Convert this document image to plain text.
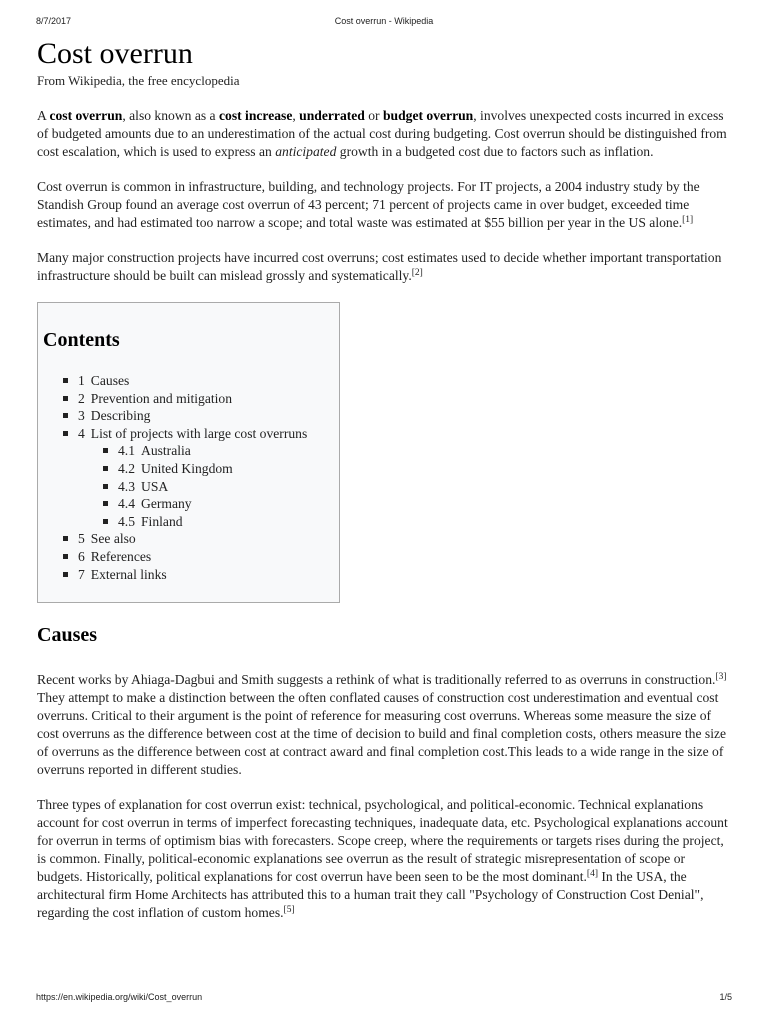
8/7/2017	Cost overrun - Wikipedia
Cost overrun
From Wikipedia, the free encyclopedia

A cost overrun, also known as a cost increase, underrated or budget overrun, involves unexpected costs incurred in excess of budgeted amounts due to an underestimation of the actual cost during budgeting. Cost overrun should be distinguished from cost escalation, which is used to express an anticipated growth in a budgeted cost due to factors such as inflation.

Cost overrun is common in infrastructure, building, and technology projects. For IT projects, a 2004 industry study by the Standish Group found an average cost overrun of 43 percent; 71 percent of projects came in over budget, exceeded time estimates, and had estimated too narrow a scope; and total waste was estimated at $55 billion per year in the US alone.[1]

Many major construction projects have incurred cost overruns; cost estimates used to decide whether important transportation infrastructure should be built can mislead grossly and systematically.[2]

Contents
1 Causes
2 Prevention and mitigation
3 Describing
4 List of projects with large cost overruns
4.1 Australia
4.2 United Kingdom
4.3 USA
4.4 Germany
4.5 Finland
5 See also
6 References
7 External links
Causes

Recent works by Ahiaga-Dagbui and Smith suggests a rethink of what is traditionally referred to as overruns in construction.[3] They attempt to make a distinction between the often conflated causes of construction cost underestimation and eventual cost overruns. Critical to their argument is the point of reference for measuring cost overruns. Whereas some measure the size of cost overruns as the difference between cost at the time of decision to build and final completion costs, others measure the size of overruns as the difference between cost at contract award and final completion cost.This leads to a wide range in the size of overruns reported in different studies.

Three types of explanation for cost overrun exist: technical, psychological, and political-economic. Technical explanations account for cost overrun in terms of imperfect forecasting techniques, inadequate data, etc. Psychological explanations account for overrun in terms of optimism bias with forecasters. Scope creep, where the requirements or targets rises during the project, is common. Finally, political-economic explanations see overrun as the result of strategic misrepresentation of scope or budgets. Historically, political explanations for cost overrun have been seen to be the most dominant.[4] In the USA, the architectural firm Home Architects has attributed this to a human trait they call "Psychology of Construction Cost Denial", regarding the cost inflation of custom homes.[5]

https://en.wikipedia.org/wiki/Cost_overrun	1/5
